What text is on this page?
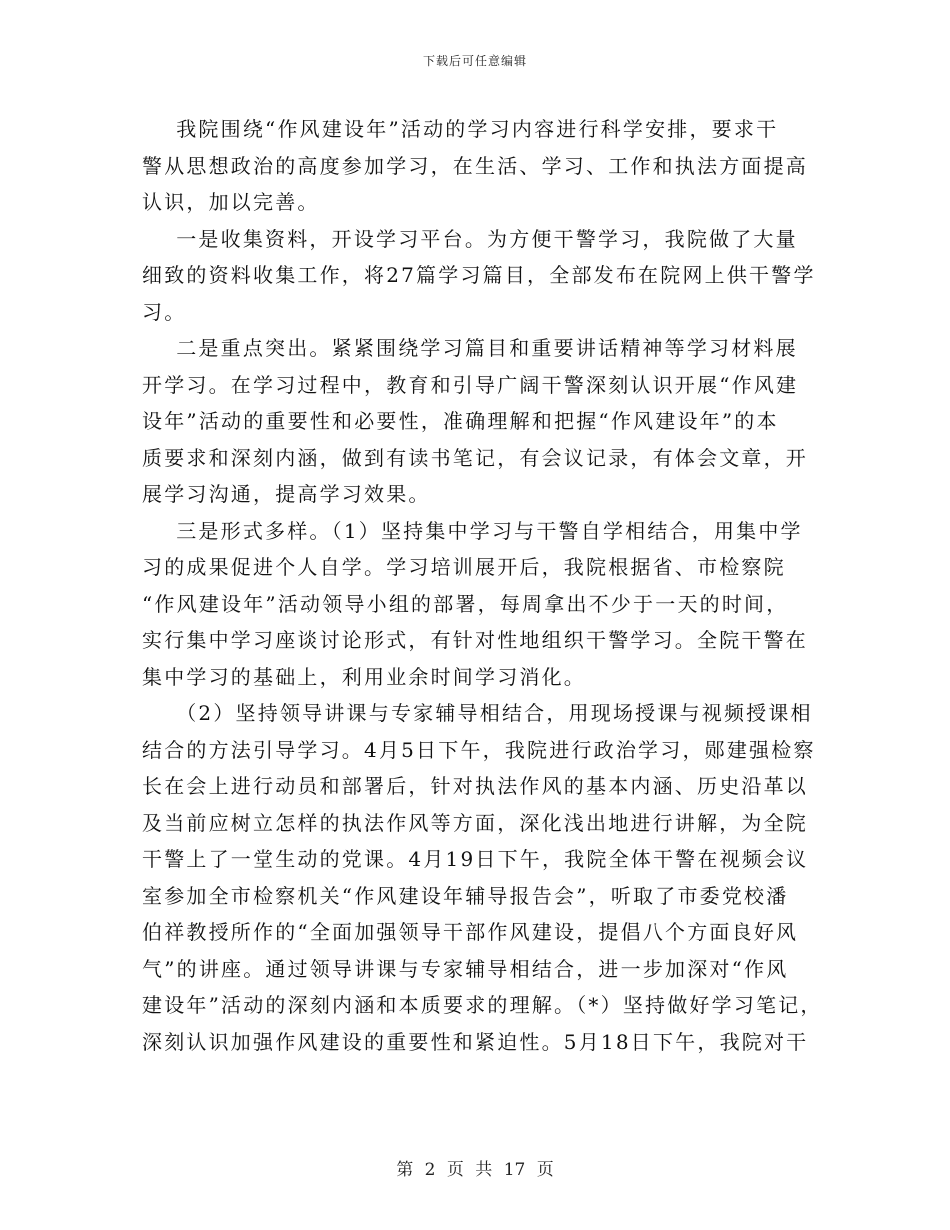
下载后可任意编辑
我院围绕“作风建设年”活动的学习内容进行科学安排，要求干
警从思想政治的高度参加学习，在生活、学习、工作和执法方面提高
认识，加以完善。
一是收集资料，开设学习平台。为方便干警学习，我院做了大量
细致的资料收集工作，将27篇学习篇目，全部发布在院网上供干警学
习。
二是重点突出。紧紧围绕学习篇目和重要讲话精神等学习材料展
开学习。在学习过程中，教育和引导广阔干警深刻认识开展“作风建
设年”活动的重要性和必要性，准确理解和把握“作风建设年”的本
质要求和深刻内涵，做到有读书笔记，有会议记录，有体会文章，开
展学习沟通，提高学习效果。
三是形式多样。（1）坚持集中学习与干警自学相结合，用集中学
习的成果促进个人自学。学习培训展开后，我院根据省、市检察院
“作风建设年”活动领导小组的部署，每周拿出不少于一天的时间，
实行集中学习座谈讨论形式，有针对性地组织干警学习。全院干警在
集中学习的基础上，利用业余时间学习消化。
（2）坚持领导讲课与专家辅导相结合，用现场授课与视频授课相
结合的方法引导学习。4月5日下午，我院进行政治学习，郧建强检察
长在会上进行动员和部署后，针对执法作风的基本内涵、历史沿革以
及当前应树立怎样的执法作风等方面，深化浅出地进行讲解，为全院
干警上了一堂生动的党课。4月19日下午，我院全体干警在视频会议
室参加全市检察机关“作风建设年辅导报告会”，听取了市委党校潘
伯祥教授所作的“全面加强领导干部作风建设，提倡八个方面良好风
气”的讲座。通过领导讲课与专家辅导相结合，进一步加深对“作风
建设年”活动的深刻内涵和本质要求的理解。（*）坚持做好学习笔记，
深刻认识加强作风建设的重要性和紧迫性。5月18日下午，我院对干
第 2 页 共 17 页
